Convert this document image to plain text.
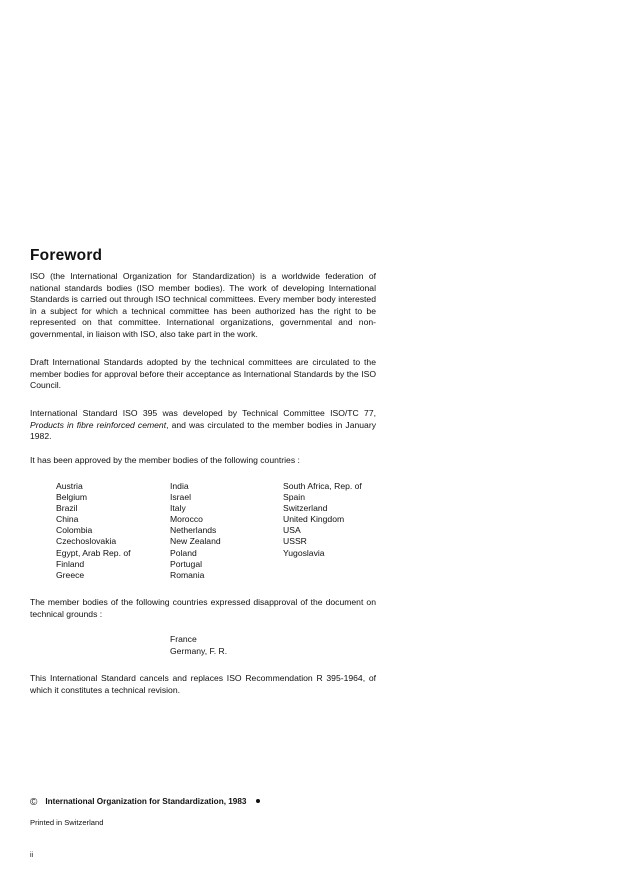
Foreword
ISO (the International Organization for Standardization) is a worldwide federation of national standards bodies (ISO member bodies). The work of developing International Standards is carried out through ISO technical committees. Every member body interested in a subject for which a technical committee has been authorized has the right to be represented on that committee. International organizations, governmental and non-governmental, in liaison with ISO, also take part in the work.
Draft International Standards adopted by the technical committees are circulated to the member bodies for approval before their acceptance as International Standards by the ISO Council.
International Standard ISO 395 was developed by Technical Committee ISO/TC 77, Products in fibre reinforced cement, and was circulated to the member bodies in January 1982.
It has been approved by the member bodies of the following countries :
Austria
Belgium
Brazil
China
Colombia
Czechoslovakia
Egypt, Arab Rep. of
Finland
Greece
India
Israel
Italy
Morocco
Netherlands
New Zealand
Poland
Portugal
Romania
South Africa, Rep. of
Spain
Switzerland
United Kingdom
USA
USSR
Yugoslavia
The member bodies of the following countries expressed disapproval of the document on technical grounds :
France
Germany, F. R.
This International Standard cancels and replaces ISO Recommendation R 395-1964, of which it constitutes a technical revision.
© International Organization for Standardization, 1983
Printed in Switzerland
ii
